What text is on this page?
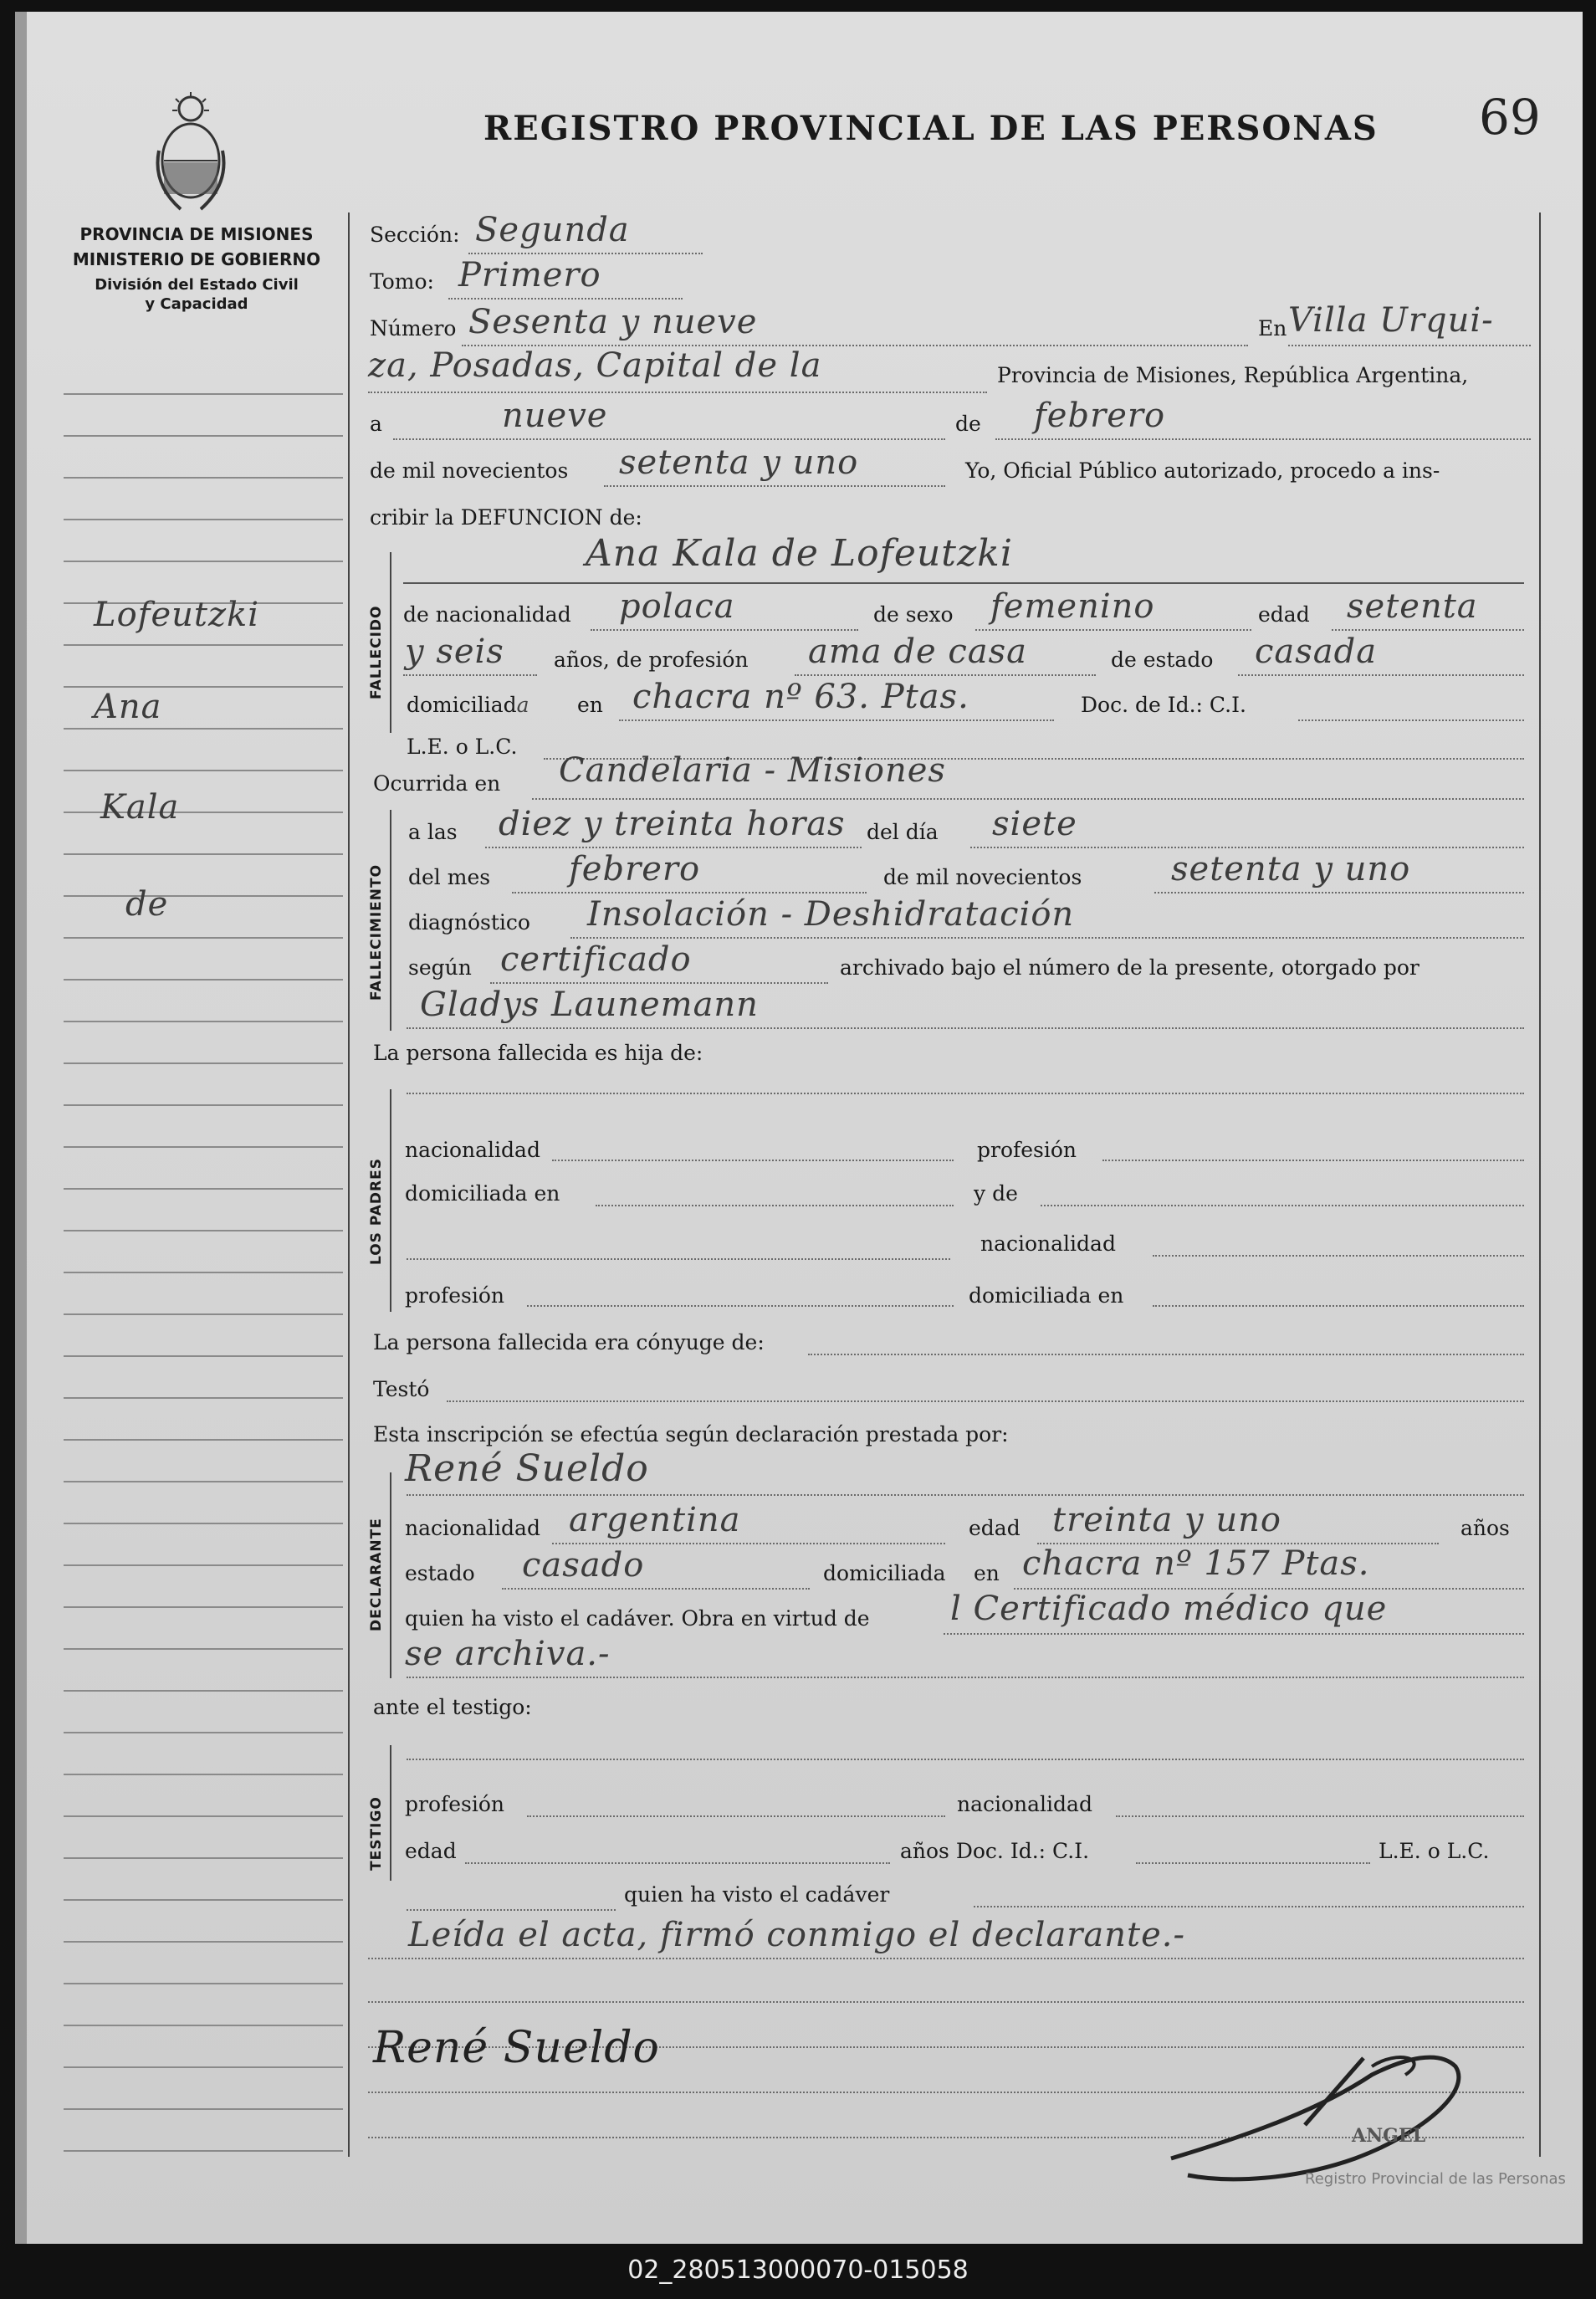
PROVINCIA DE MISIONES
MINISTERIO DE GOBIERNO
División del Estado Civil
y Capacidad
REGISTRO PROVINCIAL DE LAS PERSONAS 69
Lofeutzki
Ana
Kala
de
Sección: Segunda
Tomo: Primero
Número Sesenta y nueve	En Villa Urqui-
za, Posadas, Capital de la	Provincia de Misiones, República Argentina,
a	nueve	de febrero
de mil novecientos setenta y uno	Yo, Oficial Público autorizado, procedo a ins-
cribir la DEFUNCION de:
FALLECIDO
Ana Kala de Lofeutzki
de nacionalidad polaca	de sexo femenino	edad setenta
y seis años, de profesión ama de casa	de estado casada
domiciliada en chacra nº 63. Ptas.	Doc. de Id.: C.I.
L.E. o L.C.
Ocurrida en Candelaria - Misiones
FALLECIMIENTO
a las diez y treinta horas del día siete
del mes febrero	de mil novecientos	setenta y uno
diagnóstico Insolación - Deshidratación
según certificado	archivado bajo el número de la presente, otorgado por
Gladys Launemann
La persona fallecida es hija de:
LOS PADRES
nacionalidad	profesión
domiciliada en	y de
nacionalidad
profesión	domiciliada en
La persona fallecida era cónyuge de:
Testó
Esta inscripción se efectúa según declaración prestada por:
DECLARANTE
René Sueldo
nacionalidad argentina	edad treinta y uno	años
estado casado	domiciliada en chacra nº 157 Ptas.
quien ha visto el cadáver. Obra en virtud de l Certificado médico que
se archiva.-
ante el testigo:
TESTIGO profesión	nacionalidad
edad	años Doc. Id.: C.I.	L.E. o L.C.
quien ha visto el cadáver
Leída el acta, firmó conmigo el declarante.-
René Sueldo
ANGEL
Registro Provincial de las Personas
02_280513000070-015058
